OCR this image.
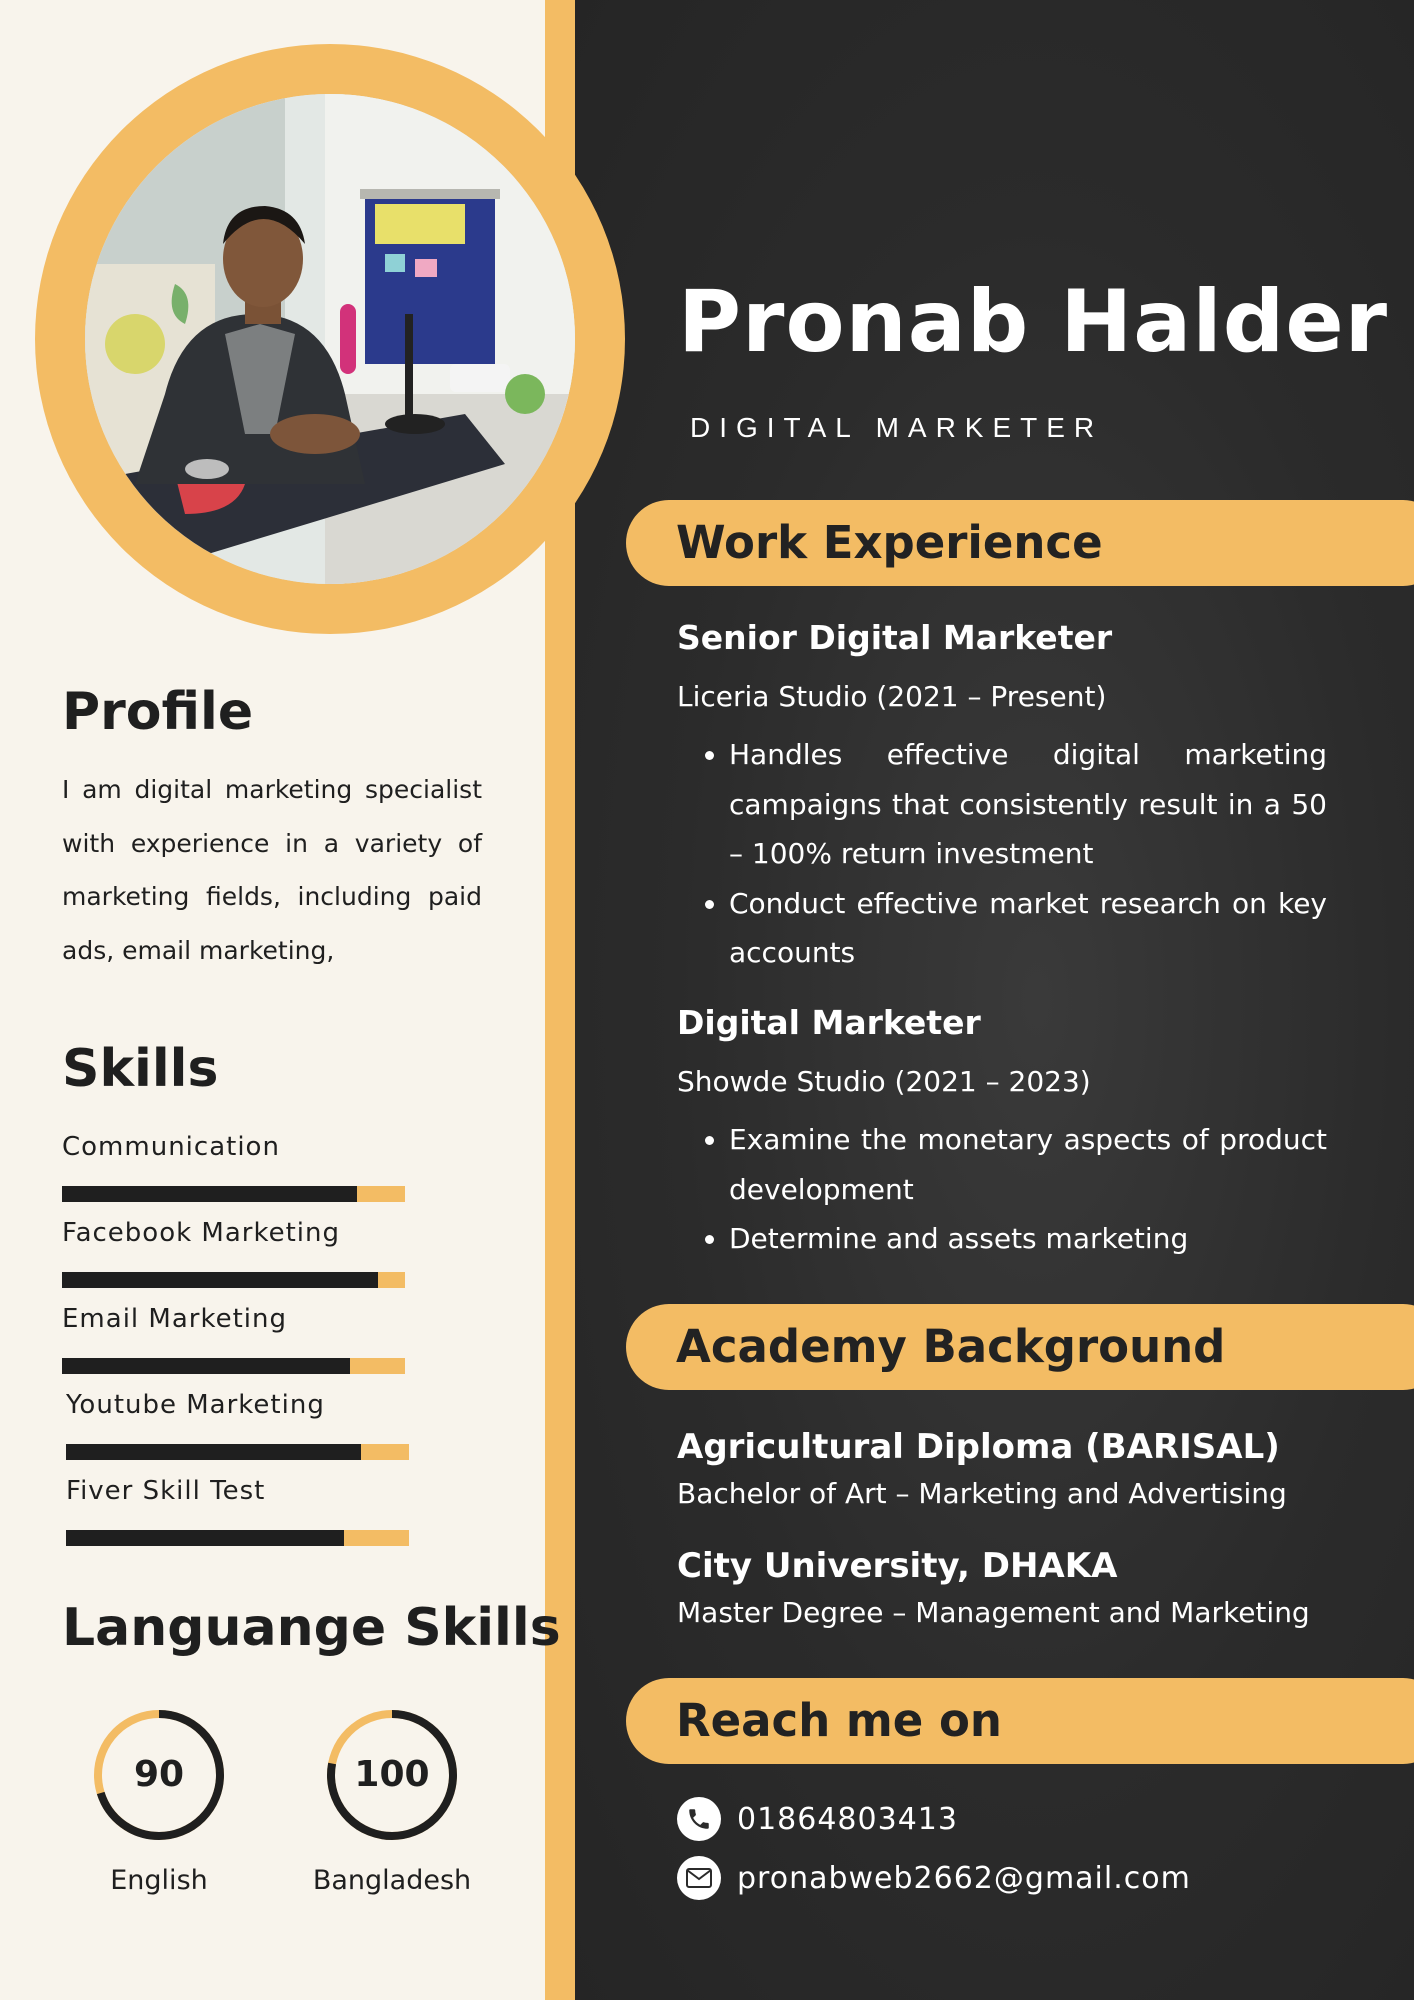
Pronab Halder
DIGITAL MARKETER
Work Experience
Senior Digital Marketer
Liceria Studio (2021 – Present)
• Handles effective digital marketing campaigns that consistently result in a 50 – 100% return investment
• Conduct effective market research on key accounts
Digital Marketer
Showde Studio (2021 – 2023)
• Examine the monetary aspects of product development
• Determine and assets marketing
Academy Background
Agricultural Diploma (BARISAL)
Bachelor of Art – Marketing and Advertising
City University, DHAKA
Master Degree – Management and Marketing
Reach me on
01864803413
pronabweb2662@gmail.com
Profile
I am digital marketing specialist with experience in a variety of marketing fields, including paid ads, email marketing,
Skills
Communication
Facebook Marketing
Email Marketing
Youtube Marketing
Fiver Skill Test
Languange Skills
90
English
100
Bangladesh
